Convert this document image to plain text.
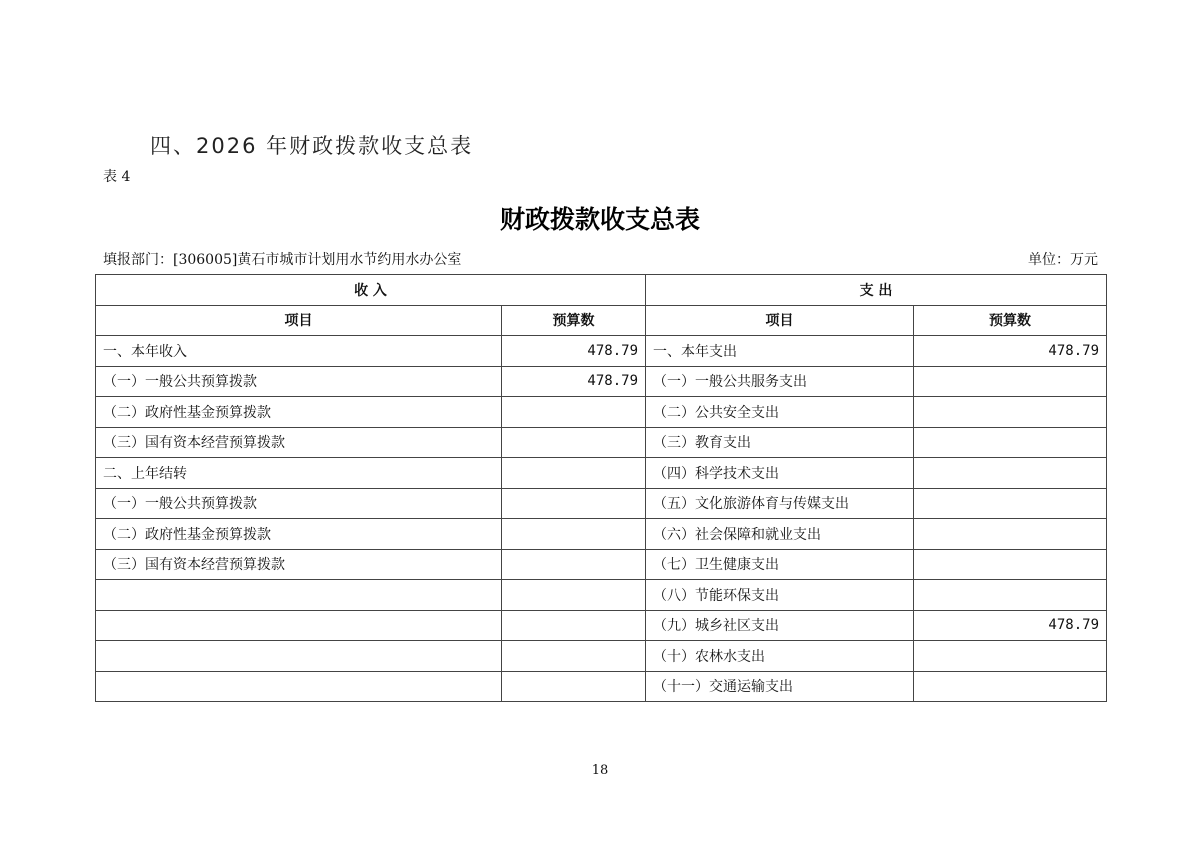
四、2026 年财政拨款收支总表
表 4
财政拨款收支总表
填报部门：[306005]黄石市城市计划用水节约用水办公室	单位：万元
收 入		支 出	
项目	预算数	项目	预算数
一、本年收入	478.79	一、本年支出	478.79
（一）一般公共预算拨款	478.79	（一）一般公共服务支出	
（二）政府性基金预算拨款		（二）公共安全支出	
（三）国有资本经营预算拨款		（三）教育支出	
二、上年结转		（四）科学技术支出	
（一）一般公共预算拨款		（五）文化旅游体育与传媒支出	
（二）政府性基金预算拨款		（六）社会保障和就业支出	
（三）国有资本经营预算拨款		（七）卫生健康支出	
		（八）节能环保支出	
		（九）城乡社区支出	478.79
		（十）农林水支出	
		（十一）交通运输支出	
18
